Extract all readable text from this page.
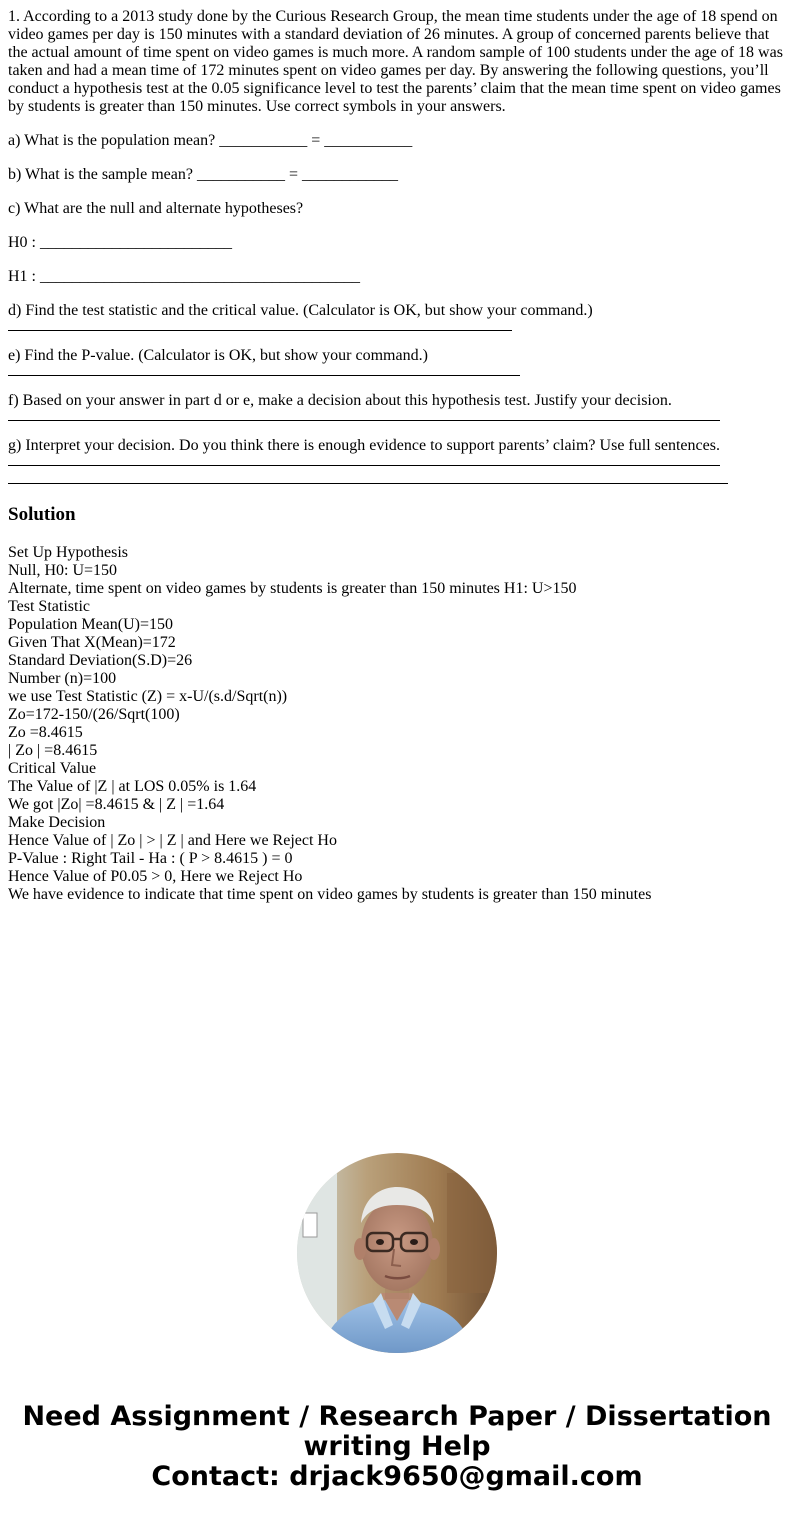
1. According to a 2013 study done by the Curious Research Group, the mean time students under the age of 18 spend on video games per day is 150 minutes with a standard deviation of 26 minutes. A group of concerned parents believe that the actual amount of time spent on video games is much more. A random sample of 100 students under the age of 18 was taken and had a mean time of 172 minutes spent on video games per day. By answering the following questions, you’ll conduct a hypothesis test at the 0.05 significance level to test the parents’ claim that the mean time spent on video games by students is greater than 150 minutes. Use correct symbols in your answers.

a) What is the population mean? ___________ = ___________

b) What is the sample mean? ___________ = ____________

c) What are the null and alternate hypotheses?

H0 : ________________________

H1 : ________________________________________

d) Find the test statistic and the critical value. (Calculator is OK, but show your command.)

e) Find the P-value. (Calculator is OK, but show your command.)

f) Based on your answer in part d or e, make a decision about this hypothesis test. Justify your decision.

g) Interpret your decision. Do you think there is enough evidence to support parents’ claim? Use full sentences.

Solution

Set Up Hypothesis

Null, H0: U=150

Alternate, time spent on video games by students is greater than 150 minutes H1: U>150

Test Statistic

Population Mean(U)=150

Given That X(Mean)=172

Standard Deviation(S.D)=26

Number (n)=100

we use Test Statistic (Z) = x-U/(s.d/Sqrt(n))

Zo=172-150/(26/Sqrt(100)

Zo =8.4615

| Zo | =8.4615

Critical Value

The Value of |Z | at LOS 0.05% is 1.64

We got |Zo| =8.4615 & | Z | =1.64

Make Decision

Hence Value of | Zo | > | Z | and Here we Reject Ho

P-Value : Right Tail - Ha : ( P > 8.4615 ) = 0

Hence Value of P0.05 > 0, Here we Reject Ho

We have evidence to indicate that time spent on video games by students is greater than 150 minutes

Need Assignment / Research Paper / Dissertation
writing Help
Contact: drjack9650@gmail.com
